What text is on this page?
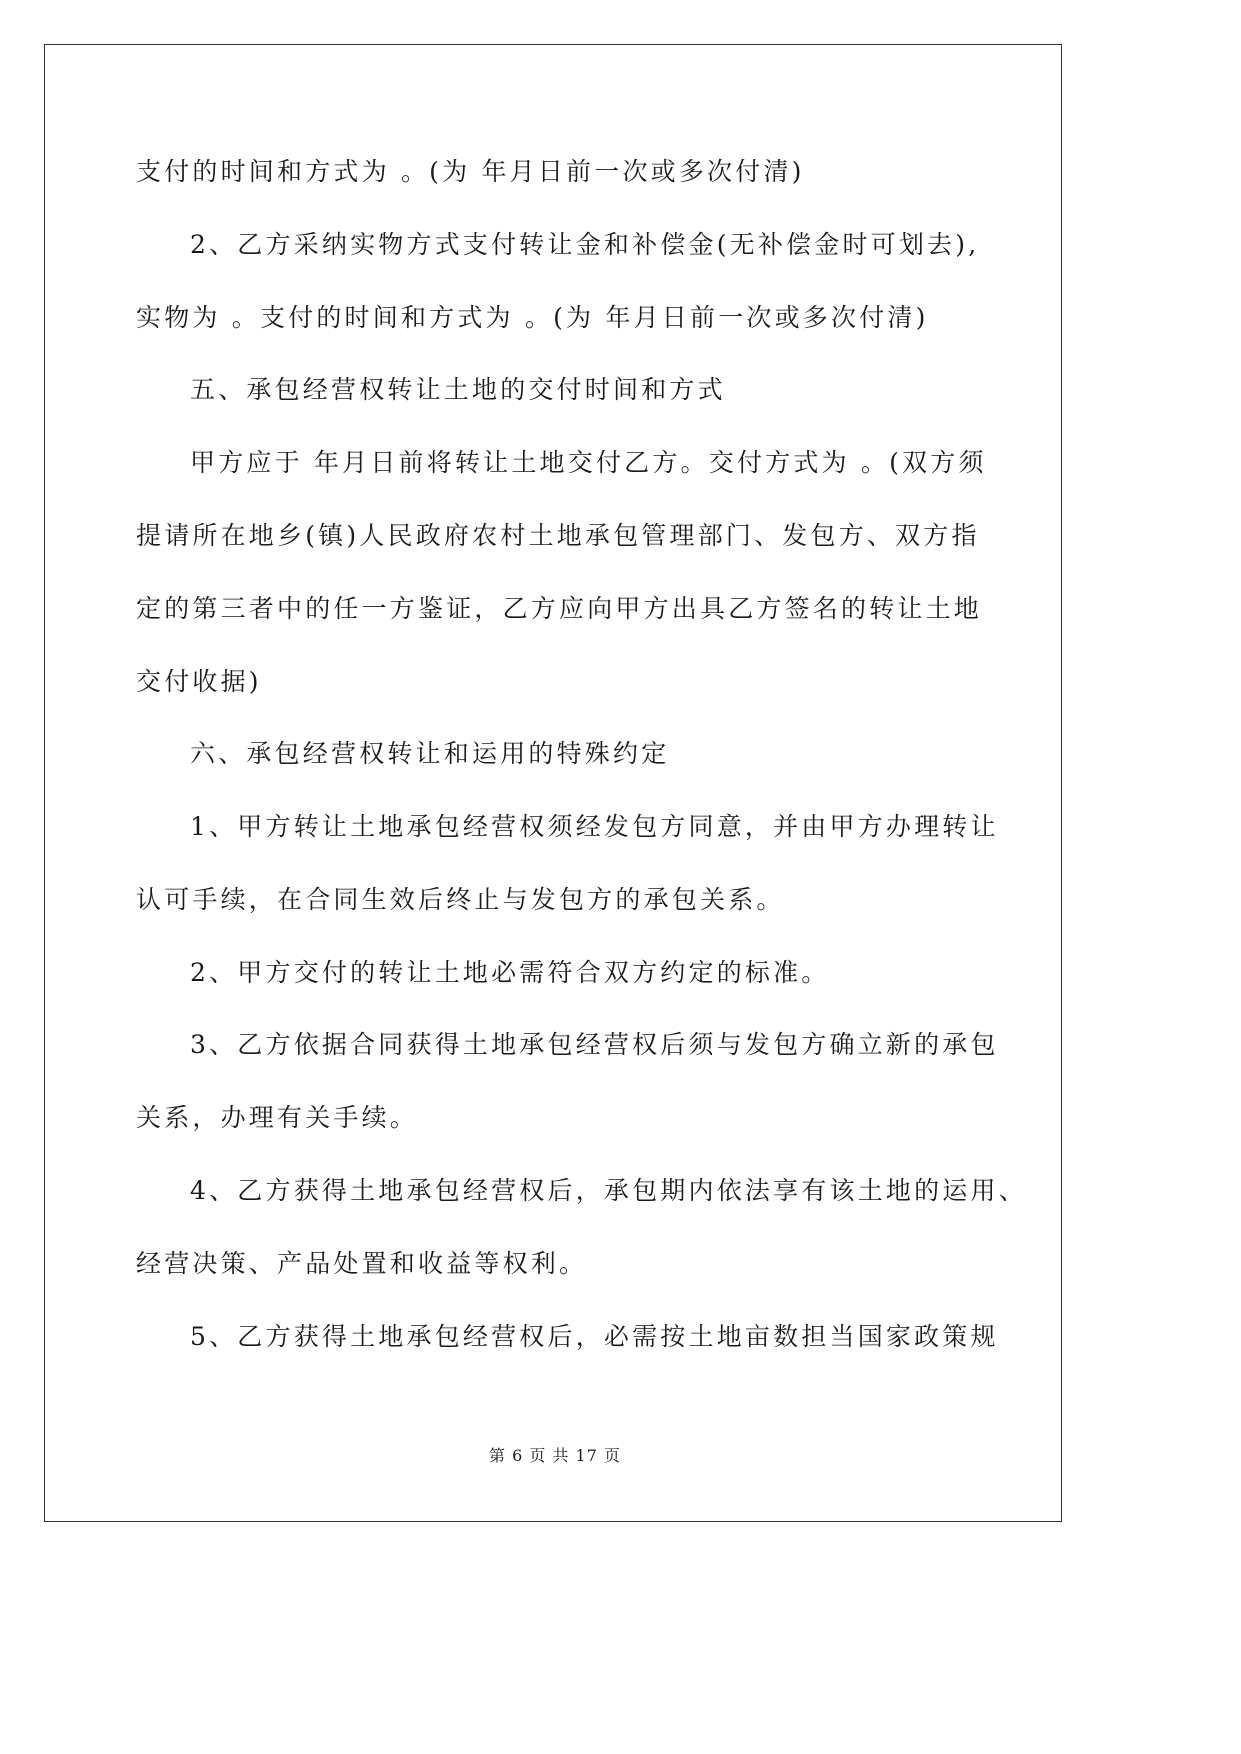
支付的时间和方式为 。(为 年月日前一次或多次付清)
2、乙方采纳实物方式支付转让金和补偿金(无补偿金时可划去),
实物为 。支付的时间和方式为 。(为 年月日前一次或多次付清)
五、承包经营权转让土地的交付时间和方式
甲方应于 年月日前将转让土地交付乙方。交付方式为 。(双方须
提请所在地乡(镇)人民政府农村土地承包管理部门、发包方、双方指
定的第三者中的任一方鉴证，乙方应向甲方出具乙方签名的转让土地
交付收据)
六、承包经营权转让和运用的特殊约定
1、甲方转让土地承包经营权须经发包方同意，并由甲方办理转让
认可手续，在合同生效后终止与发包方的承包关系。
2、甲方交付的转让土地必需符合双方约定的标准。
3、乙方依据合同获得土地承包经营权后须与发包方确立新的承包
关系，办理有关手续。
4、乙方获得土地承包经营权后，承包期内依法享有该土地的运用、
经营决策、产品处置和收益等权利。
5、乙方获得土地承包经营权后，必需按土地亩数担当国家政策规
第 6 页 共 17 页
